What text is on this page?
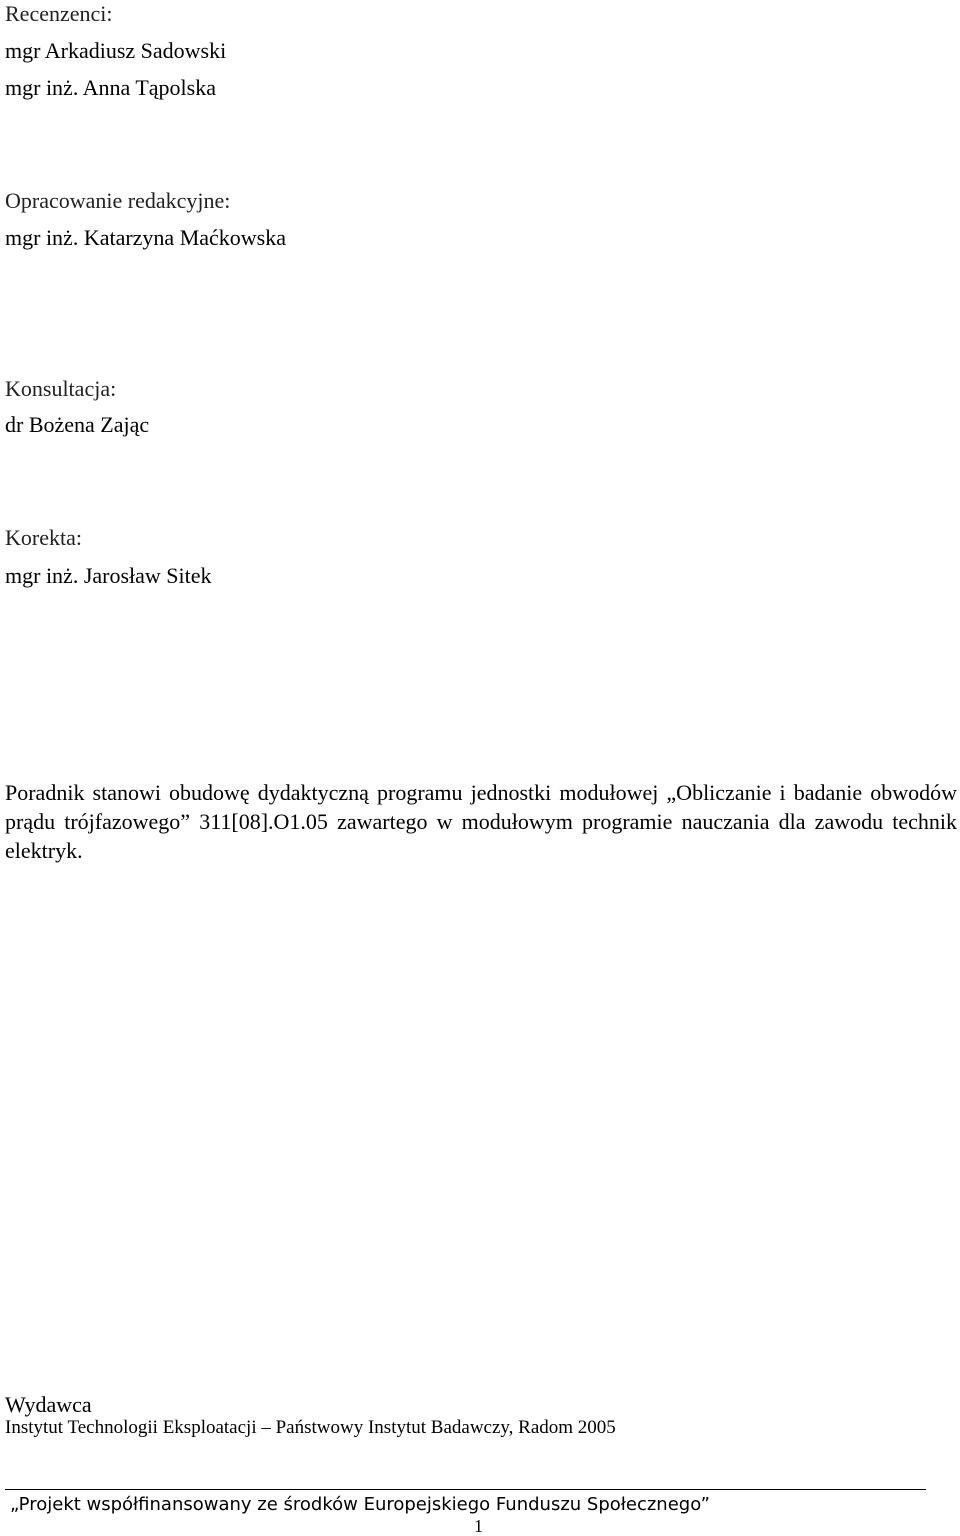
Recenzenci:
mgr Arkadiusz Sadowski
mgr inż. Anna Tąpolska
Opracowanie redakcyjne:
mgr inż. Katarzyna Maćkowska
Konsultacja:
dr Bożena Zając
Korekta:
mgr inż. Jarosław Sitek

Poradnik stanowi obudowę dydaktyczną programu jednostki modułowej „Obliczanie i badanie obwodów prądu trójfazowego” 311[08].O1.05 zawartego w modułowym programie nauczania dla zawodu technik elektryk.

Wydawca
Instytut Technologii Eksploatacji – Państwowy Instytut Badawczy, Radom 2005
„Projekt współfinansowany ze środków Europejskiego Funduszu Społecznego”
1
